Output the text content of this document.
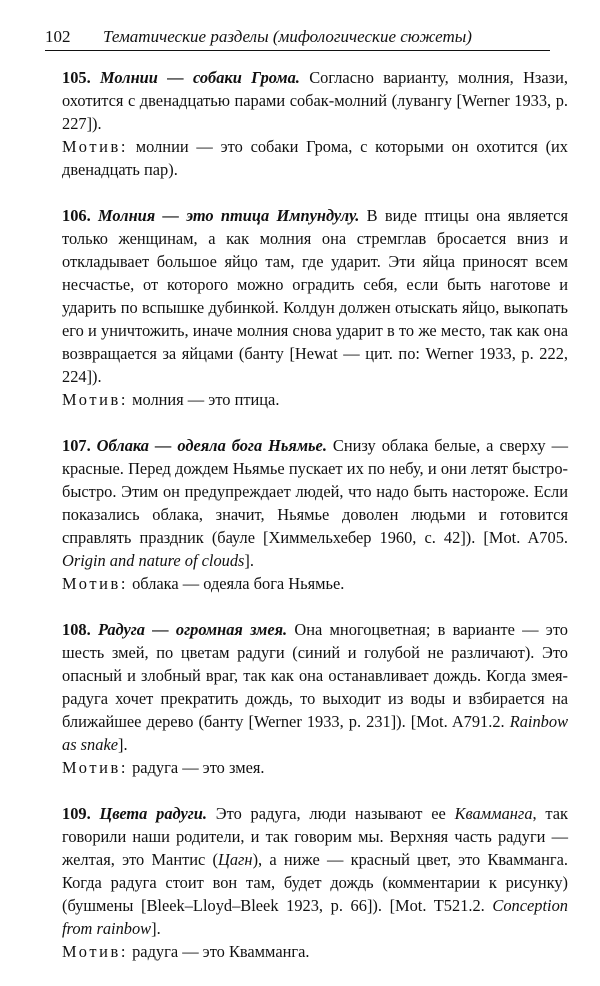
102 Тематические разделы (мифологические сюжеты)

105. Молнии — собаки Грома. Согласно варианту, молния, Нзази, охотится с двенадцатью парами собак-молний (лувангу [Werner 1933, p. 227]).

Мотив: молнии — это собаки Грома, с которыми он охотится (их двенадцать пар).

106. Молния — это птица Импундулу. В виде птицы она является только женщинам, а как молния она стремглав бросается вниз и откладывает большое яйцо там, где ударит. Эти яйца приносят всем несчастье, от которого можно оградить себя, если быть наготове и ударить по вспышке дубинкой. Колдун должен отыскать яйцо, выкопать его и уничтожить, иначе молния снова ударит в то же место, так как она возвращается за яйцами (банту [Hewat — цит. по: Werner 1933, p. 222, 224]).

Мотив: молния — это птица.

107. Облака — одеяла бога Ньямье. Снизу облака белые, а сверху — красные. Перед дождем Ньямье пускает их по небу, и они летят быстро-быстро. Этим он предупреждает людей, что надо быть настороже. Если показались облака, значит, Ньямье доволен людьми и готовится справлять праздник (бауле [Химмельхебер 1960, с. 42]). [Mot. A705. Origin and nature of clouds].

Мотив: облака — одеяла бога Ньямье.

108. Радуга — огромная змея. Она многоцветная; в варианте — это шесть змей, по цветам радуги (синий и голубой не различают). Это опасный и злобный враг, так как она останавливает дождь. Когда змея-радуга хочет прекратить дождь, то выходит из воды и взбирается на ближайшее дерево (банту [Werner 1933, p. 231]). [Mot. A791.2. Rainbow as snake].

Мотив: радуга — это змея.

109. Цвета радуги. Это радуга, люди называют ее Квамманга, так говорили наши родители, и так говорим мы. Верхняя часть радуги — желтая, это Мантис (Цагн), а ниже — красный цвет, это Квамманга. Когда радуга стоит вон там, будет дождь (комментарии к рисунку) (бушмены [Bleek–Lloyd–Bleek 1923, p. 66]). [Mot. T521.2. Conception from rainbow].

Мотив: радуга — это Квамманга.
